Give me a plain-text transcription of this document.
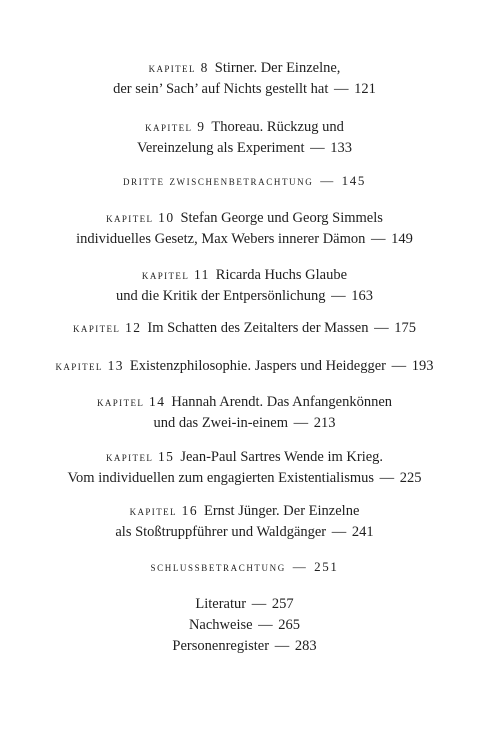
kapitel 8 Stirner. Der Einzelne,
der sein’ Sach’ auf Nichts gestellt hat — 121
kapitel 9 Thoreau. Rückzug und
Vereinzelung als Experiment — 133
dritte zwischenbetrachtung — 145
kapitel 10 Stefan George und Georg Simmels
individuelles Gesetz, Max Webers innerer Dämon — 149
kapitel 11 Ricarda Huchs Glaube
und die Kritik der Entpersönlichung — 163
kapitel 12 Im Schatten des Zeitalters der Massen — 175
kapitel 13 Existenzphilosophie. Jaspers und Heidegger — 193
kapitel 14 Hannah Arendt. Das Anfangenkönnen
und das Zwei-in-einem — 213
kapitel 15 Jean-Paul Sartres Wende im Krieg.
Vom individuellen zum engagierten Existentialismus — 225
kapitel 16 Ernst Jünger. Der Einzelne
als Stoßtruppführer und Waldgänger — 241
schlussbetrachtung — 251
Literatur — 257
Nachweise — 265
Personenregister — 283
